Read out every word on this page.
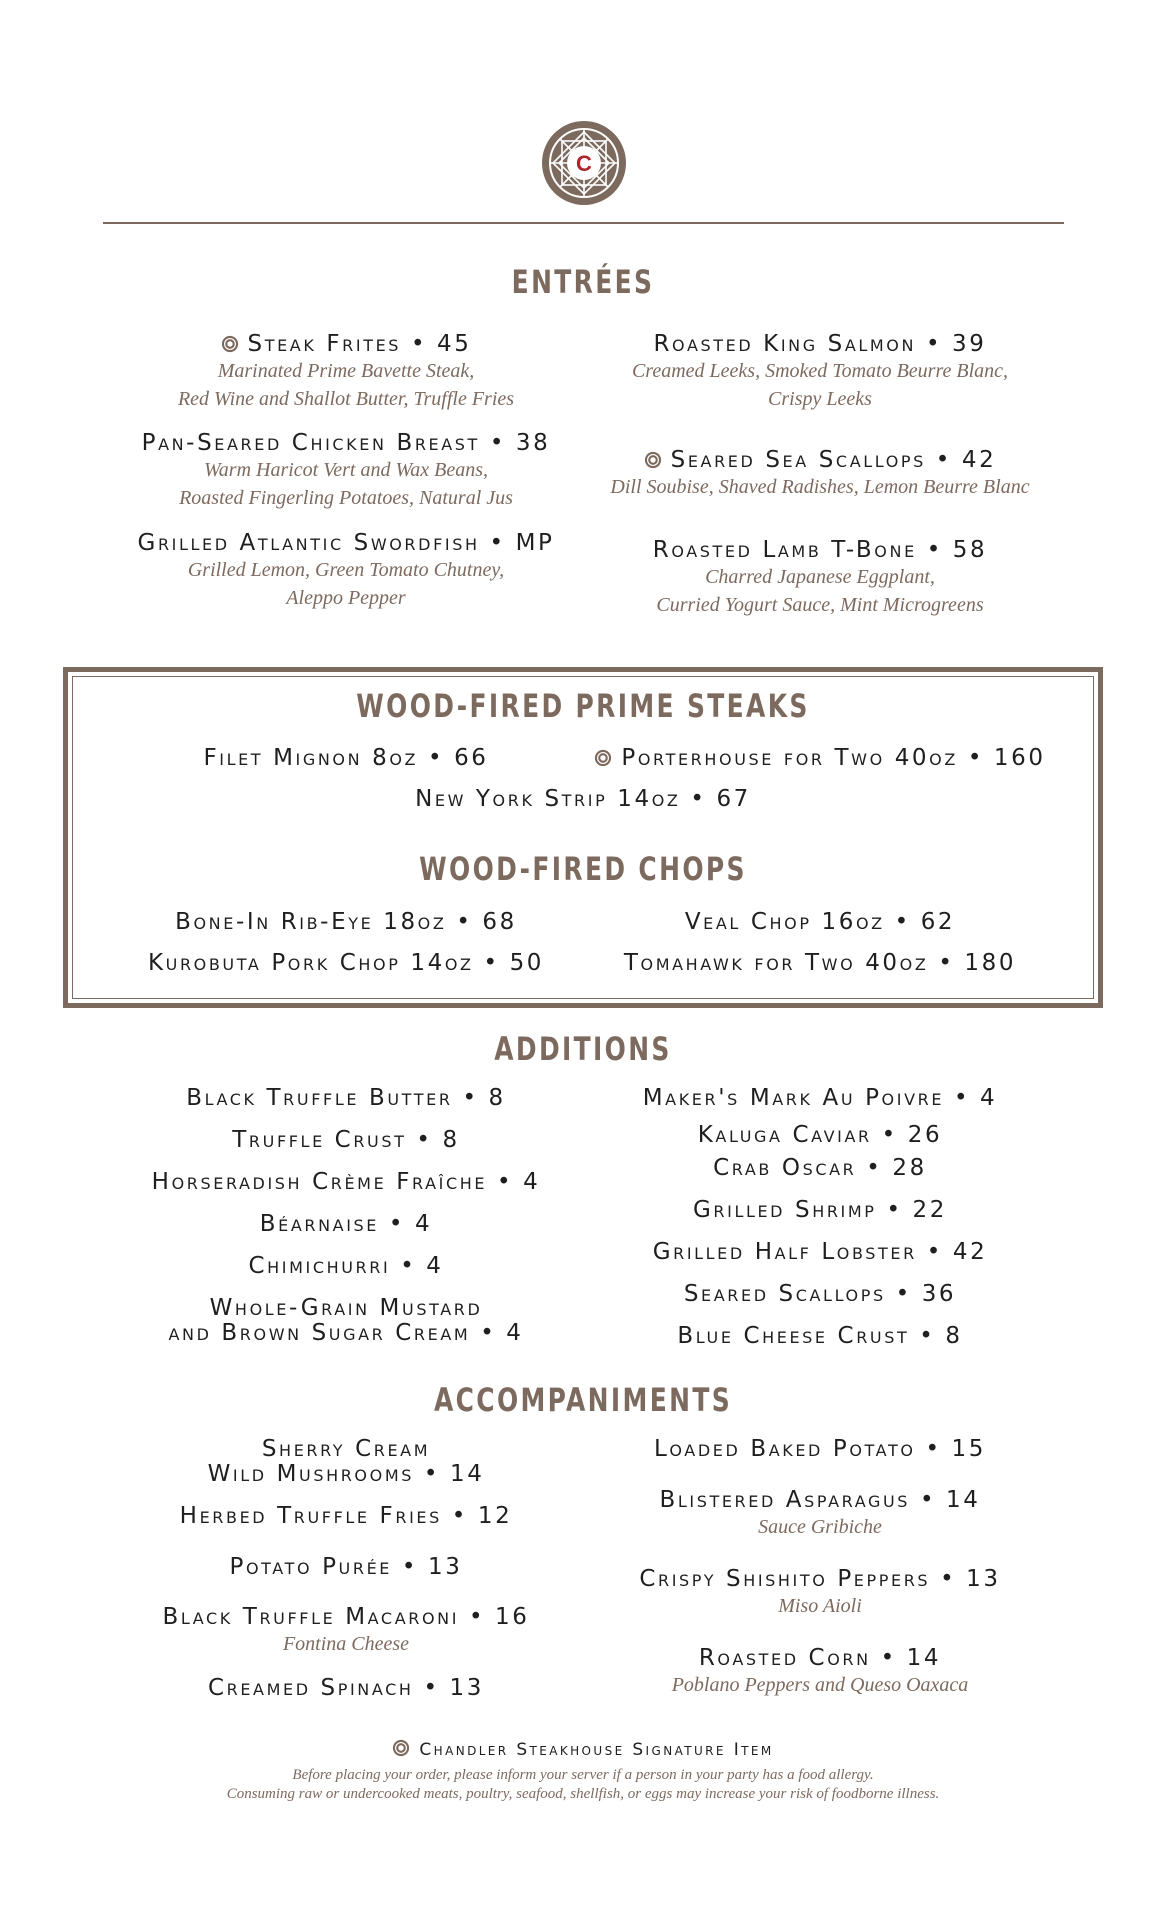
C
ENTRÉES
Steak Frites • 45
Marinated Prime Bavette Steak,
Red Wine and Shallot Butter, Truffle Fries
Pan-Seared Chicken Breast • 38
Warm Haricot Vert and Wax Beans,
Roasted Fingerling Potatoes, Natural Jus
Grilled Atlantic Swordfish • MP
Grilled Lemon, Green Tomato Chutney,
Aleppo Pepper
Roasted King Salmon • 39
Creamed Leeks, Smoked Tomato Beurre Blanc,
Crispy Leeks
Seared Sea Scallops • 42
Dill Soubise, Shaved Radishes, Lemon Beurre Blanc
Roasted Lamb T-Bone • 58
Charred Japanese Eggplant,
Curried Yogurt Sauce, Mint Microgreens
WOOD-FIRED PRIME STEAKS
Filet Mignon 8oz • 66	Porterhouse for Two 40oz • 160
New York Strip 14oz • 67
WOOD-FIRED CHOPS
Bone-In Rib-Eye 18oz • 68	Veal Chop 16oz • 62
Kurobuta Pork Chop 14oz • 50	Tomahawk for Two 40oz • 180
ADDITIONS
Black Truffle Butter • 8
Truffle Crust • 8
Horseradish Crème Fraîche • 4
Béarnaise • 4
Chimichurri • 4
Whole-Grain Mustard
and Brown Sugar Cream • 4
Maker's Mark Au Poivre • 4
Kaluga Caviar • 26
Crab Oscar • 28
Grilled Shrimp • 22
Grilled Half Lobster • 42
Seared Scallops • 36
Blue Cheese Crust • 8
ACCOMPANIMENTS
Sherry Cream
Wild Mushrooms • 14
Herbed Truffle Fries • 12
Potato Purée • 13
Black Truffle Macaroni • 16
Fontina Cheese
Creamed Spinach • 13
Loaded Baked Potato • 15
Blistered Asparagus • 14
Sauce Gribiche
Crispy Shishito Peppers • 13
Miso Aioli
Roasted Corn • 14
Poblano Peppers and Queso Oaxaca
Chandler Steakhouse Signature Item
Before placing your order, please inform your server if a person in your party has a food allergy.
Consuming raw or undercooked meats, poultry, seafood, shellfish, or eggs may increase your risk of foodborne illness.
